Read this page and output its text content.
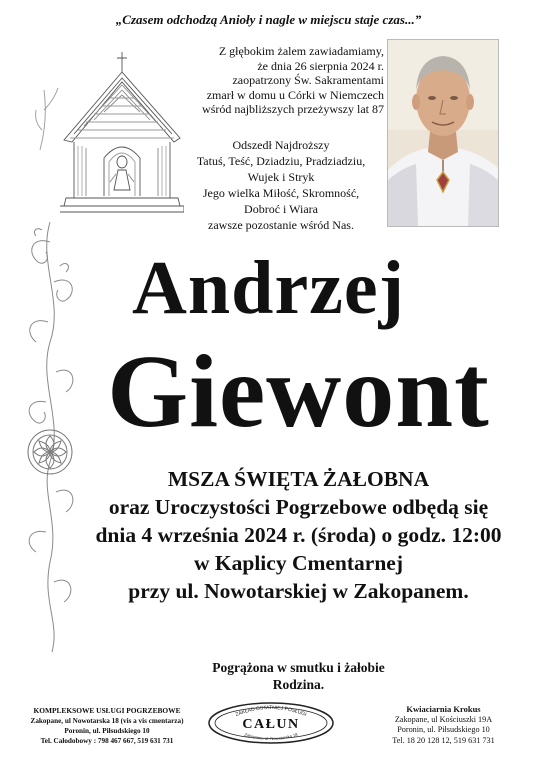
„Czasem odchodzą Anioły i nagle w miejscu staje czas...”
Z głębokim żalem zawiadamiamy,
że dnia 26 sierpnia 2024 r.
zaopatrzony Św. Sakramentami
zmarł w domu u Córki w Niemczech
wśród najbliższych przeżywszy lat 87
Odszedł Najdroższy
Tatuś, Teść, Dziadziu, Pradziadziu,
Wujek i Stryk
Jego wielka Miłość, Skromność,
Dobroć i Wiara
zawsze pozostanie wśród Nas.
Andrzej
Giewont
MSZA ŚWIĘTA ŻAŁOBNA
oraz Uroczystości Pogrzebowe odbędą się
dnia 4 września 2024 r. (środa) o godz. 12:00
w Kaplicy Cmentarnej
przy ul. Nowotarskiej w Zakopanem.
Pogrążona w smutku i żałobie
Rodzina.
KOMPLEKSOWE USŁUGI POGRZEBOWE
Zakopane, ul Nowotarska 18 (vis a vis cmentarza)
Poronin, ul. Piłsudskiego 10
Tel. Całodobowy : 798 467 667, 519 631 731
ZAKŁAD OSTATNIEJ POSŁUGI
CAŁUN
Zakopane, ul. Nowotarska 18
Kwiaciarnia Krokus
Zakopane, ul Kościuszki 19A
Poronin, ul. Piłsudskiego 10
Tel. 18 20 128 12, 519 631 731
